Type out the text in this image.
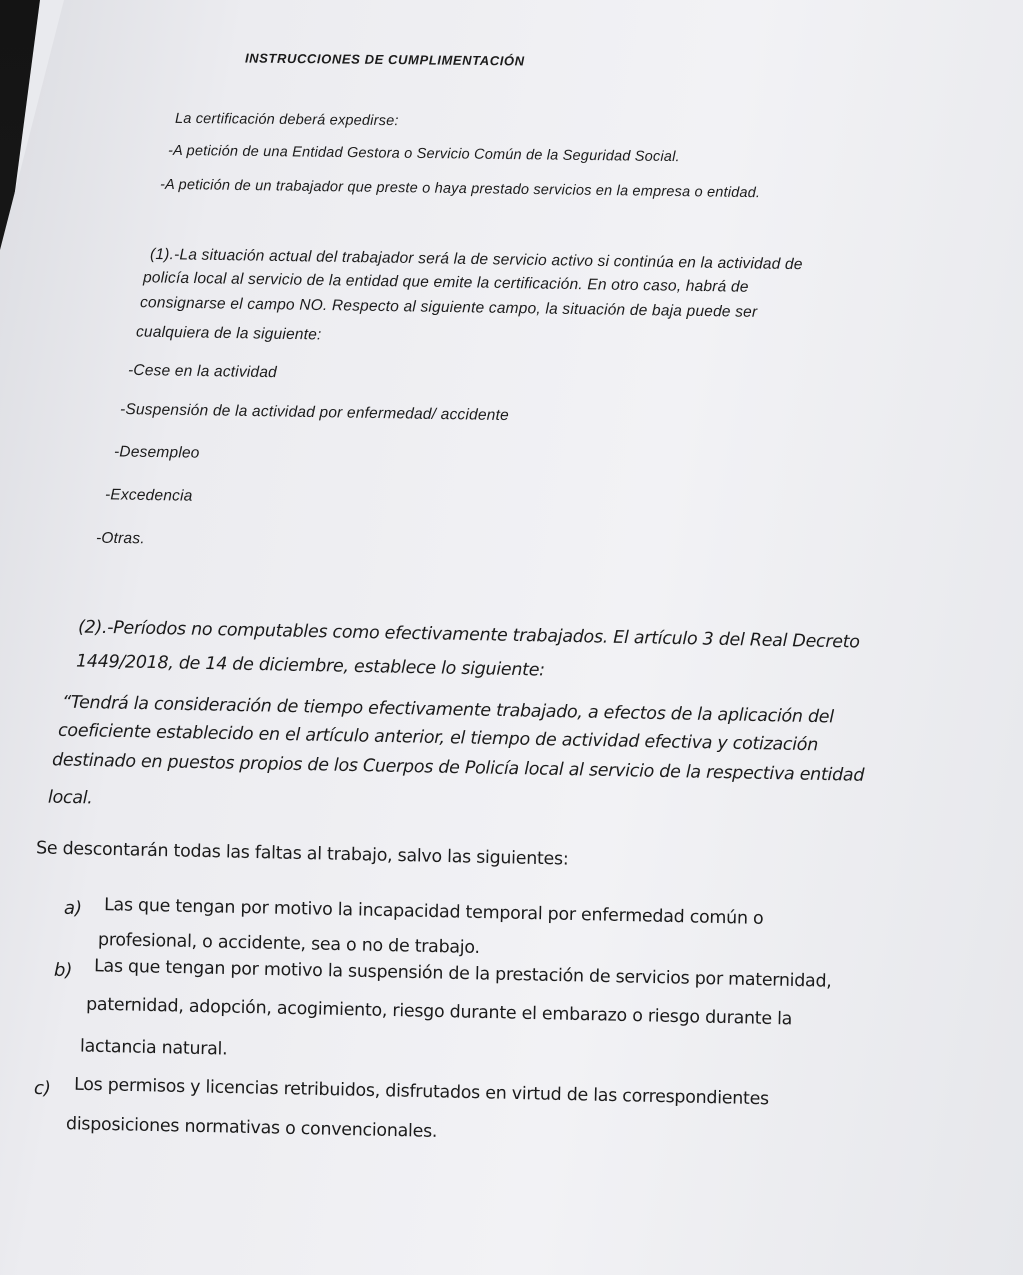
INSTRUCCIONES DE CUMPLIMENTACIÓN
La certificación deberá expedirse:
-A petición de una Entidad Gestora o Servicio Común de la Seguridad Social.
-A petición de un trabajador que preste o haya prestado servicios en la empresa o entidad.
(1).-La situación actual del trabajador será la de servicio activo si continúa en la actividad de
policía local al servicio de la entidad que emite la certificación. En otro caso, habrá de
consignarse el campo NO. Respecto al siguiente campo, la situación de baja puede ser
cualquiera de la siguiente:
-Cese en la actividad
-Suspensión de la actividad por enfermedad/ accidente
-Desempleo
-Excedencia
-Otras.
(2).-Períodos no computables como efectivamente trabajados. El artículo 3 del Real Decreto
1449/2018, de 14 de diciembre, establece lo siguiente:
“Tendrá la consideración de tiempo efectivamente trabajado, a efectos de la aplicación del
coeficiente establecido en el artículo anterior, el tiempo de actividad efectiva y cotización
destinado en puestos propios de los Cuerpos de Policía local al servicio de la respectiva entidad
local.
Se descontarán todas las faltas al trabajo, salvo las siguientes:
a) Las que tengan por motivo la incapacidad temporal por enfermedad común o
profesional, o accidente, sea o no de trabajo.
b) Las que tengan por motivo la suspensión de la prestación de servicios por maternidad,
paternidad, adopción, acogimiento, riesgo durante el embarazo o riesgo durante la
lactancia natural.
c) Los permisos y licencias retribuidos, disfrutados en virtud de las correspondientes
disposiciones normativas o convencionales.
